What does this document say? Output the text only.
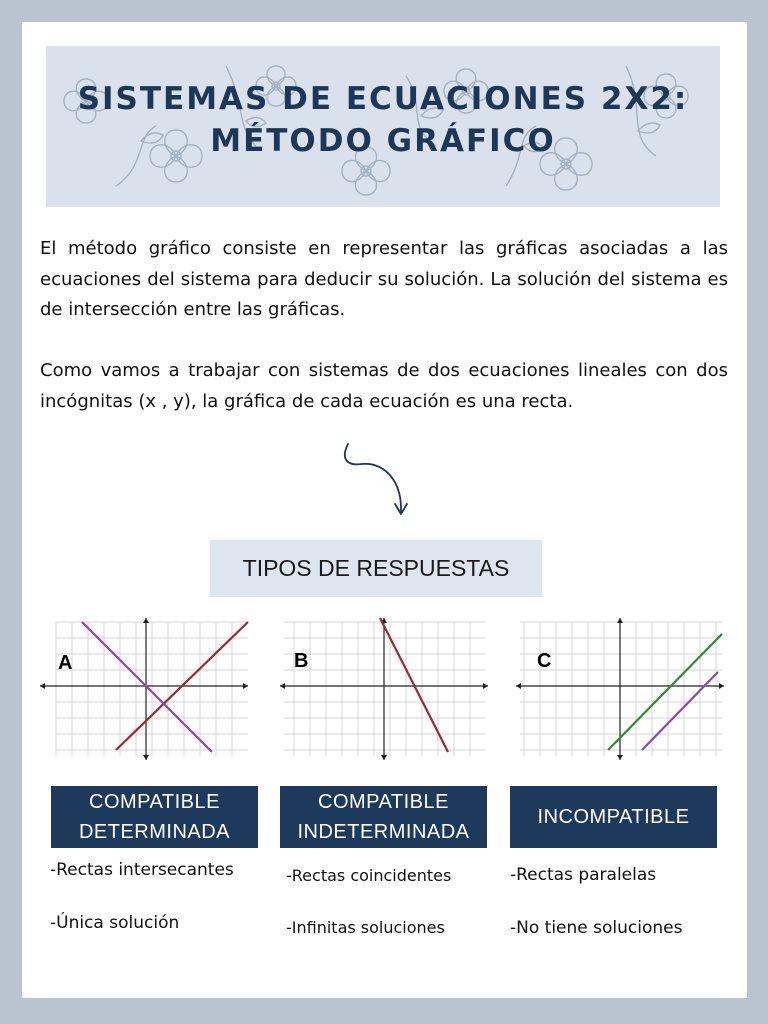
SISTEMAS DE ECUACIONES 2X2:
MÉTODO GRÁFICO

El método gráfico consiste en representar las gráficas asociadas a las ecuaciones del sistema para deducir su solución. La solución del sistema es de intersección entre las gráficas.

Como vamos a trabajar con sistemas de dos ecuaciones lineales con dos incógnitas (x , y), la gráfica de cada ecuación es una recta.

TIPOS DE RESPUESTAS
A	B	C
COMPATIBLE
DETERMINADA
COMPATIBLE
INDETERMINADA
INCOMPATIBLE
-Rectas intersecantes
-Única solución
-Rectas coincidentes
-Infinitas soluciones
-Rectas paralelas
-No tiene soluciones
